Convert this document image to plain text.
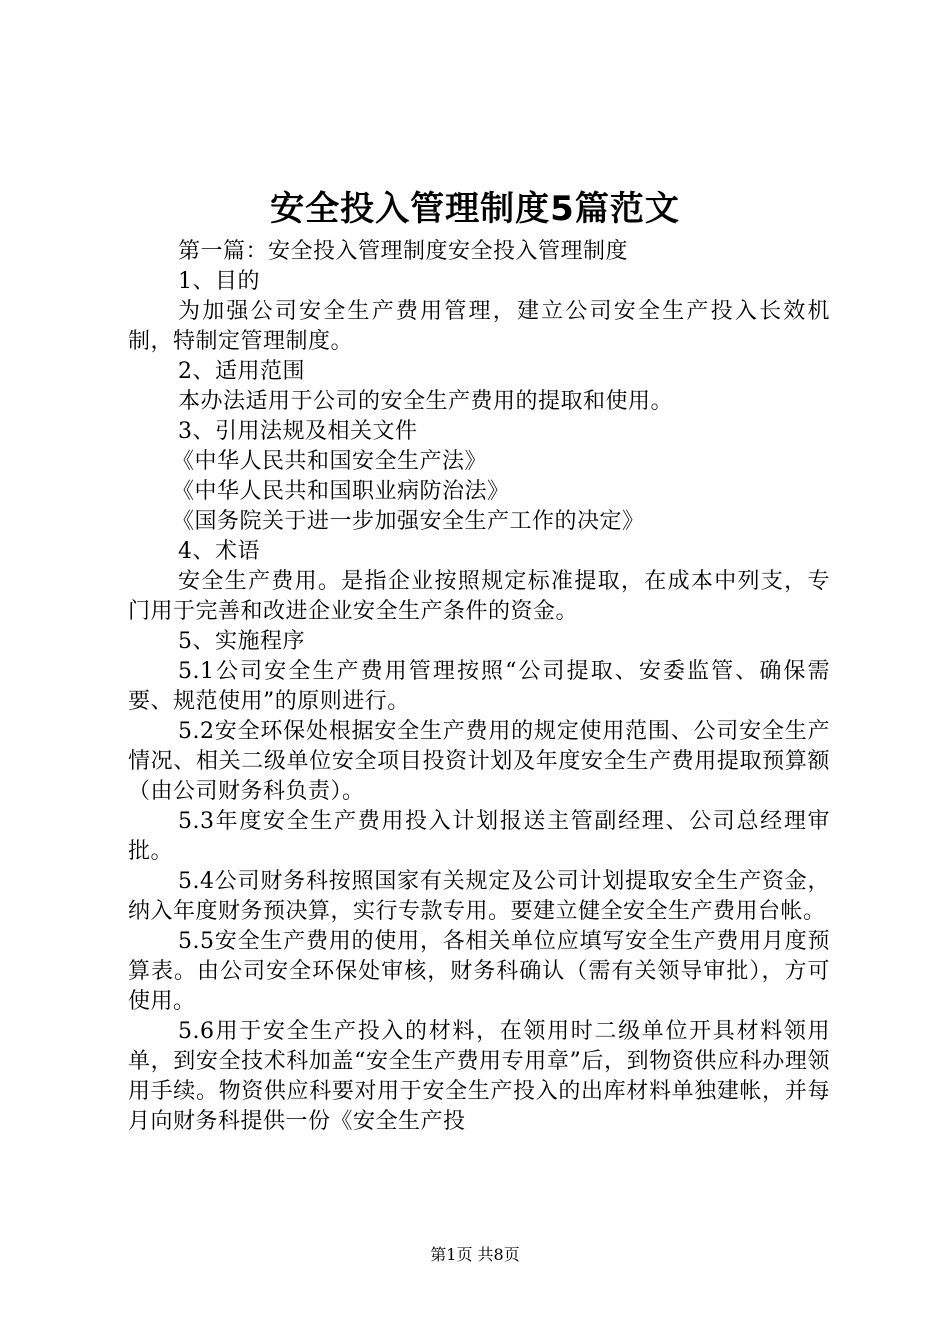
安全投入管理制度5篇范文

第一篇：安全投入管理制度安全投入管理制度

1、目的

为加强公司安全生产费用管理，建立公司安全生产投入长效机制，特制定管理制度。

2、适用范围

本办法适用于公司的安全生产费用的提取和使用。

3、引用法规及相关文件

《中华人民共和国安全生产法》

《中华人民共和国职业病防治法》

《国务院关于进一步加强安全生产工作的决定》

4、术语

安全生产费用。是指企业按照规定标准提取，在成本中列支，专门用于完善和改进企业安全生产条件的资金。

5、实施程序

5.1公司安全生产费用管理按照“公司提取、安委监管、确保需要、规范使用”的原则进行。

5.2安全环保处根据安全生产费用的规定使用范围、公司安全生产情况、相关二级单位安全项目投资计划及年度安全生产费用提取预算额（由公司财务科负责）。

5.3年度安全生产费用投入计划报送主管副经理、公司总经理审批。

5.4公司财务科按照国家有关规定及公司计划提取安全生产资金，纳入年度财务预决算，实行专款专用。要建立健全安全生产费用台帐。

5.5安全生产费用的使用，各相关单位应填写安全生产费用月度预算表。由公司安全环保处审核，财务科确认（需有关领导审批），方可使用。

5.6用于安全生产投入的材料，在领用时二级单位开具材料领用单，到安全技术科加盖“安全生产费用专用章”后，到物资供应科办理领用手续。物资供应科要对用于安全生产投入的出库材料单独建帐，并每月向财务科提供一份《安全生产投

第1页 共8页
